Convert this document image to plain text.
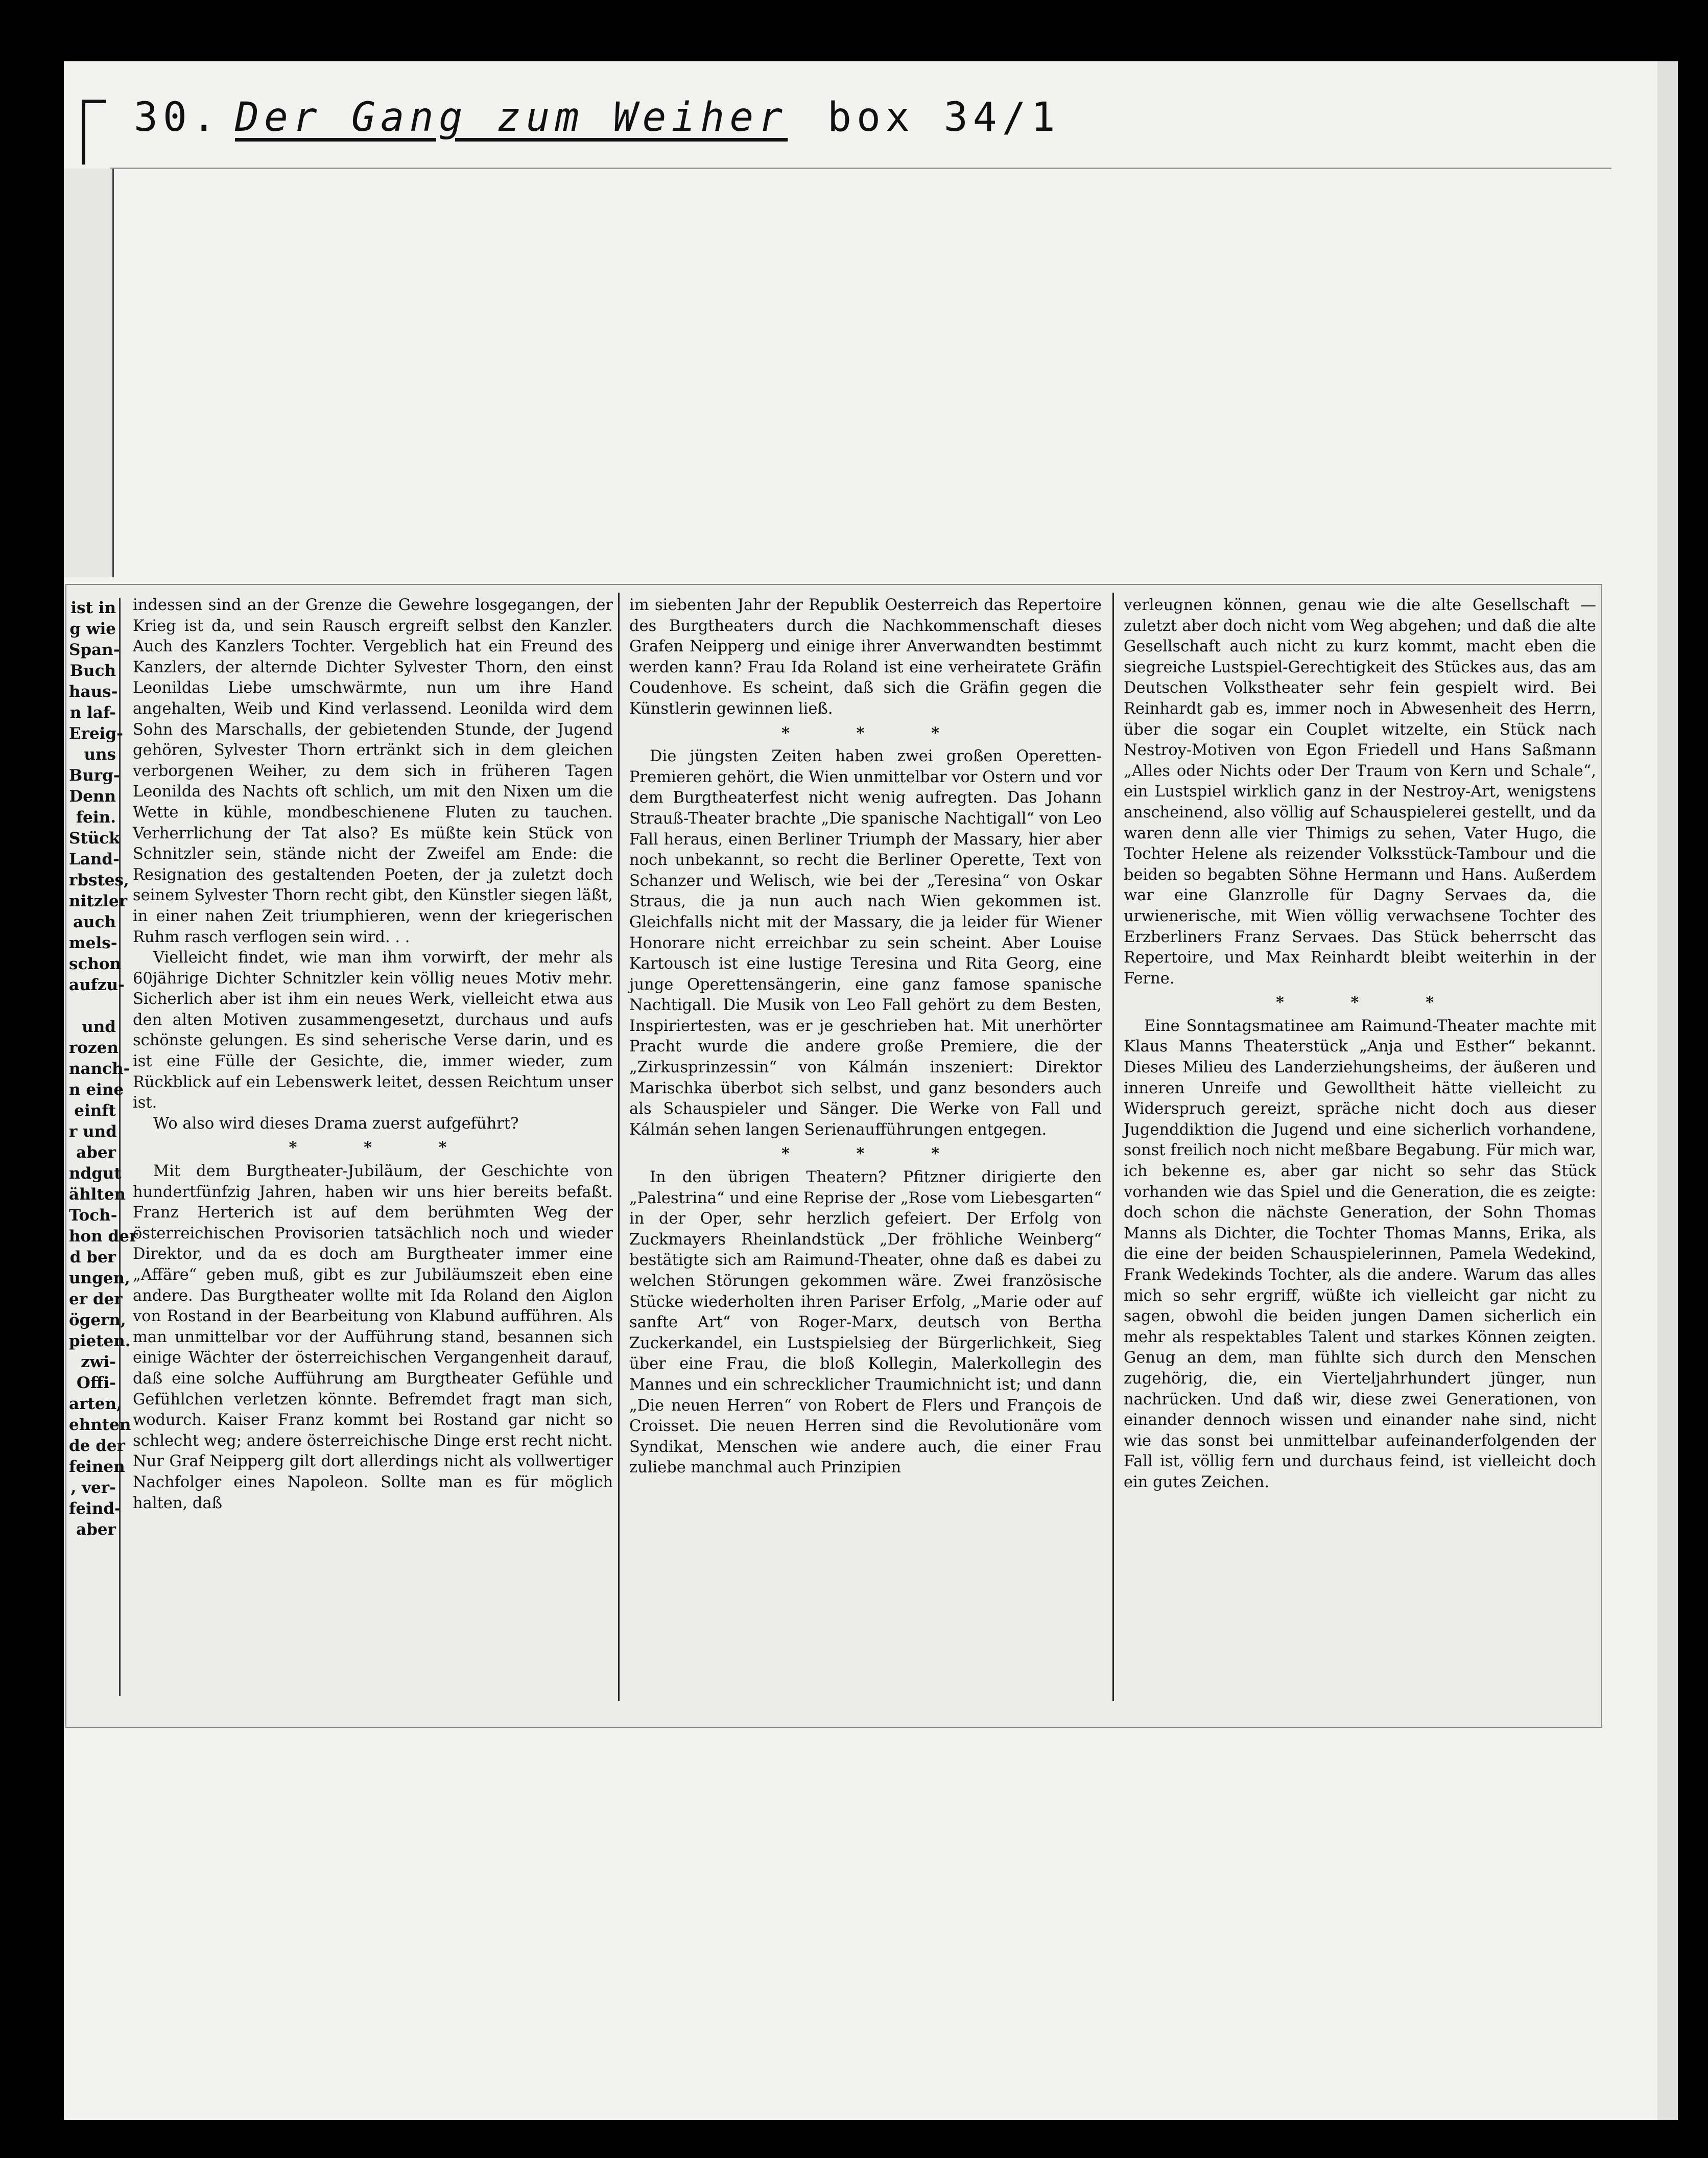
30. Der Gang zum Weiher box 34/1
ist in
g wie
Span-
Buch
haus-
n laf-
Ereig-
uns
Burg-
Denn
fein.
Stück
Land-
rbstes,
nitzler
auch
mels-
schon
aufzu-
und
rozen
nanch-
n eine
einft
r und
aber
ndgut
ählten
Toch-
hon der
d ber
ungen,
er der
ögern,
pieten.
zwi-
Offi-
arten,
ehnten
de der
feinen
, ver-
feind-
aber

indessen sind an der Grenze die Gewehre losgegangen, der Krieg ist da, und sein Rausch ergreift selbst den Kanzler. Auch des Kanzlers Tochter. Vergeblich hat ein Freund des Kanzlers, der alternde Dichter Sylvester Thorn, den einst Leonildas Liebe umschwärmte, nun um ihre Hand angehalten, Weib und Kind verlassend. Leonilda wird dem Sohn des Marschalls, der gebietenden Stunde, der Jugend gehören, Sylvester Thorn ertränkt sich in dem gleichen verborgenen Weiher, zu dem sich in früheren Tagen Leonilda des Nachts oft schlich, um mit den Nixen um die Wette in kühle, mondbeschienene Fluten zu tauchen. Verherrlichung der Tat also? Es müßte kein Stück von Schnitzler sein, stände nicht der Zweifel am Ende: die Resignation des gestaltenden Poeten, der ja zuletzt doch seinem Sylvester Thorn recht gibt, den Künstler siegen läßt, in einer nahen Zeit triumphieren, wenn der kriegerischen Ruhm rasch verflogen sein wird. . .

Vielleicht findet, wie man ihm vorwirft, der mehr als 60jährige Dichter Schnitzler kein völlig neues Motiv mehr. Sicherlich aber ist ihm ein neues Werk, vielleicht etwa aus den alten Motiven zusammengesetzt, durchaus und aufs schönste gelungen. Es sind seherische Verse darin, und es ist eine Fülle der Gesichte, die, immer wieder, zum Rückblick auf ein Lebenswerk leitet, dessen Reichtum unser ist.

Wo also wird dieses Drama zuerst aufgeführt?

* * *

Mit dem Burgtheater-Jubiläum, der Geschichte von hundertfünfzig Jahren, haben wir uns hier bereits befaßt. Franz Herterich ist auf dem berühmten Weg der österreichischen Provisorien tatsächlich noch und wieder Direktor, und da es doch am Burgtheater immer eine „Affäre“ geben muß, gibt es zur Jubiläumszeit eben eine andere. Das Burgtheater wollte mit Ida Roland den Aiglon von Rostand in der Bearbeitung von Klabund aufführen. Als man unmittelbar vor der Aufführung stand, besannen sich einige Wächter der österreichischen Vergangenheit darauf, daß eine solche Aufführung am Burgtheater Gefühle und Gefühlchen verletzen könnte. Befremdet fragt man sich, wodurch. Kaiser Franz kommt bei Rostand gar nicht so schlecht weg; andere österreichische Dinge erst recht nicht. Nur Graf Neipperg gilt dort allerdings nicht als vollwertiger Nachfolger eines Napoleon. Sollte man es für möglich halten, daß

im siebenten Jahr der Republik Oesterreich das Repertoire des Burgtheaters durch die Nachkommenschaft dieses Grafen Neipperg und einige ihrer Anverwandten bestimmt werden kann? Frau Ida Roland ist eine verheiratete Gräfin Coudenhove. Es scheint, daß sich die Gräfin gegen die Künstlerin gewinnen ließ.

* * *

Die jüngsten Zeiten haben zwei großen Operetten-Premieren gehört, die Wien unmittelbar vor Ostern und vor dem Burgtheaterfest nicht wenig aufregten. Das Johann Strauß-Theater brachte „Die spanische Nachtigall“ von Leo Fall heraus, einen Berliner Triumph der Massary, hier aber noch unbekannt, so recht die Berliner Operette, Text von Schanzer und Welisch, wie bei der „Teresina“ von Oskar Straus, die ja nun auch nach Wien gekommen ist. Gleichfalls nicht mit der Massary, die ja leider für Wiener Honorare nicht erreichbar zu sein scheint. Aber Louise Kartousch ist eine lustige Teresina und Rita Georg, eine junge Operettensängerin, eine ganz famose spanische Nachtigall. Die Musik von Leo Fall gehört zu dem Besten, Inspiriertesten, was er je geschrieben hat. Mit unerhörter Pracht wurde die andere große Premiere, die der „Zirkusprinzessin“ von Kálmán inszeniert: Direktor Marischka überbot sich selbst, und ganz besonders auch als Schauspieler und Sänger. Die Werke von Fall und Kálmán sehen langen Serienaufführungen entgegen.

* * *

In den übrigen Theatern? Pfitzner dirigierte den „Palestrina“ und eine Reprise der „Rose vom Liebesgarten“ in der Oper, sehr herzlich gefeiert. Der Erfolg von Zuckmayers Rheinlandstück „Der fröhliche Weinberg“ bestätigte sich am Raimund-Theater, ohne daß es dabei zu welchen Störungen gekommen wäre. Zwei französische Stücke wiederholten ihren Pariser Erfolg, „Marie oder auf sanfte Art“ von Roger-Marx, deutsch von Bertha Zuckerkandel, ein Lustspielsieg der Bürgerlichkeit, Sieg über eine Frau, die bloß Kollegin, Malerkollegin des Mannes und ein schrecklicher Traumichnicht ist; und dann „Die neuen Herren“ von Robert de Flers und François de Croisset. Die neuen Herren sind die Revolutionäre vom Syndikat, Menschen wie andere auch, die einer Frau zuliebe manchmal auch Prinzipien

verleugnen können, genau wie die alte Gesellschaft — zuletzt aber doch nicht vom Weg abgehen; und daß die alte Gesellschaft auch nicht zu kurz kommt, macht eben die siegreiche Lustspiel-Gerechtigkeit des Stückes aus, das am Deutschen Volkstheater sehr fein gespielt wird. Bei Reinhardt gab es, immer noch in Abwesenheit des Herrn, über die sogar ein Couplet witzelte, ein Stück nach Nestroy-Motiven von Egon Friedell und Hans Saßmann „Alles oder Nichts oder Der Traum von Kern und Schale“, ein Lustspiel wirklich ganz in der Nestroy-Art, wenigstens anscheinend, also völlig auf Schauspielerei gestellt, und da waren denn alle vier Thimigs zu sehen, Vater Hugo, die Tochter Helene als reizender Volksstück-Tambour und die beiden so begabten Söhne Hermann und Hans. Außerdem war eine Glanzrolle für Dagny Servaes da, die urwienerische, mit Wien völlig verwachsene Tochter des Erzberliners Franz Servaes. Das Stück beherrscht das Repertoire, und Max Reinhardt bleibt weiterhin in der Ferne.

* * *

Eine Sonntagsmatinee am Raimund-Theater machte mit Klaus Manns Theaterstück „Anja und Esther“ bekannt. Dieses Milieu des Landerziehungsheims, der äußeren und inneren Unreife und Gewolltheit hätte vielleicht zu Widerspruch gereizt, spräche nicht doch aus dieser Jugenddiktion die Jugend und eine sicherlich vorhandene, sonst freilich noch nicht meßbare Begabung. Für mich war, ich bekenne es, aber gar nicht so sehr das Stück vorhanden wie das Spiel und die Generation, die es zeigte: doch schon die nächste Generation, der Sohn Thomas Manns als Dichter, die Tochter Thomas Manns, Erika, als die eine der beiden Schauspielerinnen, Pamela Wedekind, Frank Wedekinds Tochter, als die andere. Warum das alles mich so sehr ergriff, wüßte ich vielleicht gar nicht zu sagen, obwohl die beiden jungen Damen sicherlich ein mehr als respektables Talent und starkes Können zeigten. Genug an dem, man fühlte sich durch den Menschen zugehörig, die, ein Vierteljahrhundert jünger, nun nachrücken. Und daß wir, diese zwei Generationen, von einander dennoch wissen und einander nahe sind, nicht wie das sonst bei unmittelbar aufeinanderfolgenden der Fall ist, völlig fern und durchaus feind, ist vielleicht doch ein gutes Zeichen.
